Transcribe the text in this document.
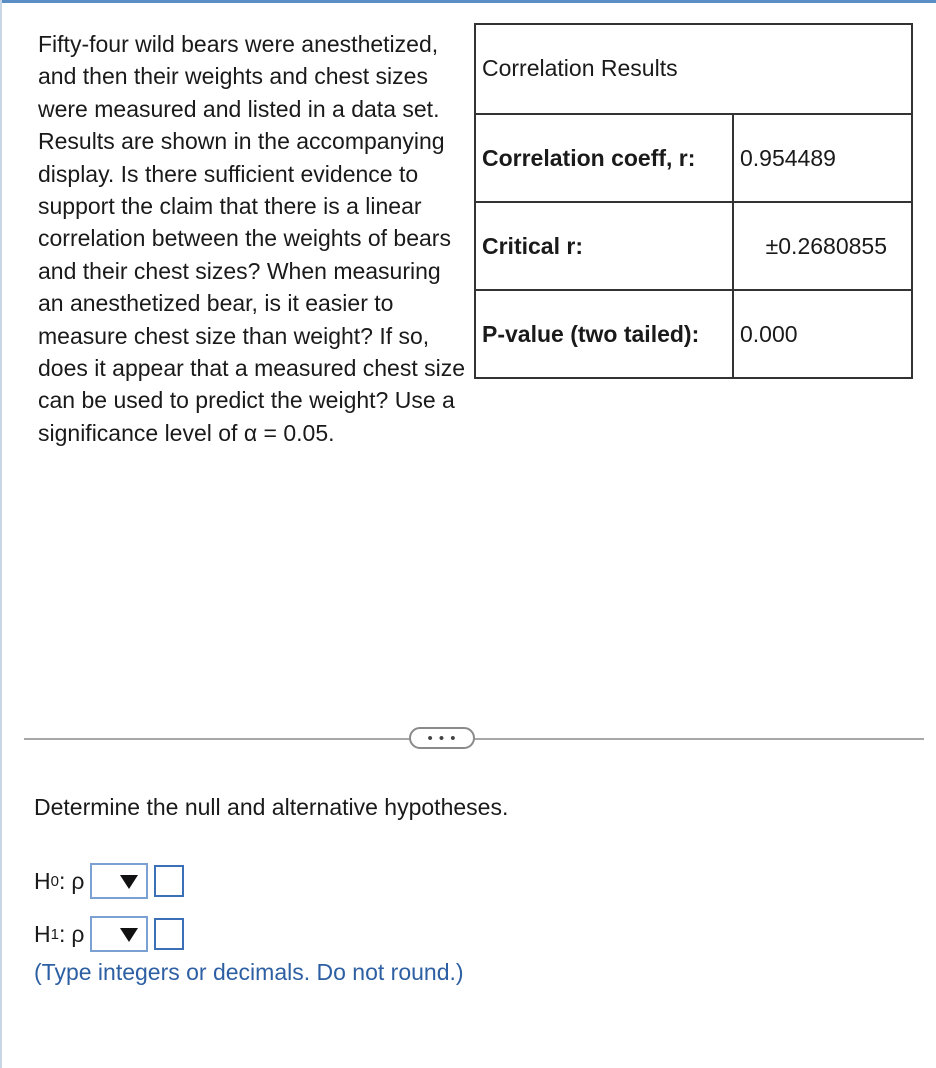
Fifty-four wild bears were anesthetized, and then their weights and chest sizes were measured and listed in a data set. Results are shown in the accompanying display. Is there sufficient evidence to support the claim that there is a linear correlation between the weights of bears and their chest sizes? When measuring an anesthetized bear, is it easier to measure chest size than weight? If so, does it appear that a measured chest size can be used to predict the weight? Use a significance level of α = 0.05.
Correlation Results	
Correlation coeff, r:	0.954489
Critical r:	±0.2680855
P-value (two tailed):	0.000
• • •
Determine the null and alternative hypotheses.
H 0 : ρ
H 1 : ρ
(Type integers or decimals. Do not round.)
